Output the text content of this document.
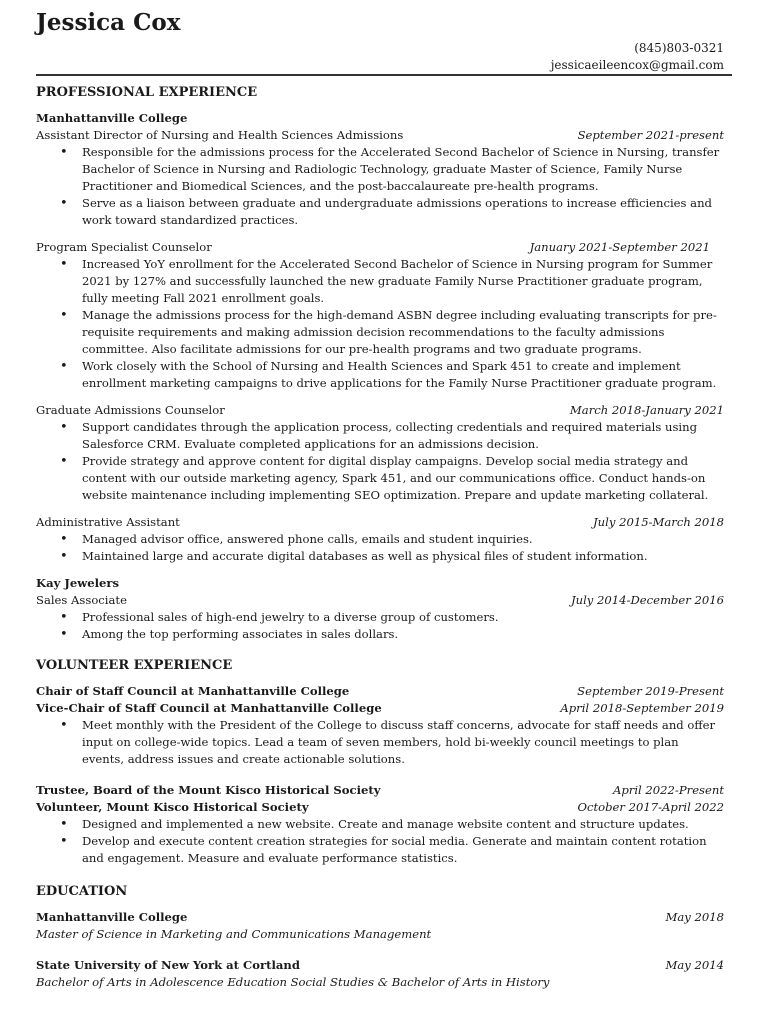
Jessica Cox
(845)803-0321
jessicaeileencox@gmail.com
PROFESSIONAL EXPERIENCE
Manhattanville College
Assistant Director of Nursing and Health Sciences Admissions	September 2021-present
• Responsible for the admissions process for the Accelerated Second Bachelor of Science in Nursing, transfer Bachelor of Science in Nursing and Radiologic Technology, graduate Master of Science, Family Nurse Practitioner and Biomedical Sciences, and the post-baccalaureate pre-health programs.
• Serve as a liaison between graduate and undergraduate admissions operations to increase efficiencies and work toward standardized practices.
Program Specialist Counselor	January 2021-September 2021
• Increased YoY enrollment for the Accelerated Second Bachelor of Science in Nursing program for Summer 2021 by 127% and successfully launched the new graduate Family Nurse Practitioner graduate program, fully meeting Fall 2021 enrollment goals.
• Manage the admissions process for the high-demand ASBN degree including evaluating transcripts for pre-requisite requirements and making admission decision recommendations to the faculty admissions committee. Also facilitate admissions for our pre-health programs and two graduate programs.
• Work closely with the School of Nursing and Health Sciences and Spark 451 to create and implement enrollment marketing campaigns to drive applications for the Family Nurse Practitioner graduate program.
Graduate Admissions Counselor	March 2018-January 2021
• Support candidates through the application process, collecting credentials and required materials using Salesforce CRM. Evaluate completed applications for an admissions decision.
• Provide strategy and approve content for digital display campaigns. Develop social media strategy and content with our outside marketing agency, Spark 451, and our communications office. Conduct hands-on website maintenance including implementing SEO optimization. Prepare and update marketing collateral.
Administrative Assistant	July 2015-March 2018
• Managed advisor office, answered phone calls, emails and student inquiries.
• Maintained large and accurate digital databases as well as physical files of student information.
Kay Jewelers
Sales Associate	July 2014-December 2016
• Professional sales of high-end jewelry to a diverse group of customers.
• Among the top performing associates in sales dollars.
VOLUNTEER EXPERIENCE
Chair of Staff Council at Manhattanville College	September 2019-Present
Vice-Chair of Staff Council at Manhattanville College	April 2018-September 2019
• Meet monthly with the President of the College to discuss staff concerns, advocate for staff needs and offer input on college-wide topics. Lead a team of seven members, hold bi-weekly council meetings to plan events, address issues and create actionable solutions.
Trustee, Board of the Mount Kisco Historical Society	April 2022-Present
Volunteer, Mount Kisco Historical Society	October 2017-April 2022
• Designed and implemented a new website. Create and manage website content and structure updates.
• Develop and execute content creation strategies for social media. Generate and maintain content rotation and engagement. Measure and evaluate performance statistics.
EDUCATION
Manhattanville College	May 2018
Master of Science in Marketing and Communications Management
State University of New York at Cortland	May 2014
Bachelor of Arts in Adolescence Education Social Studies & Bachelor of Arts in History
